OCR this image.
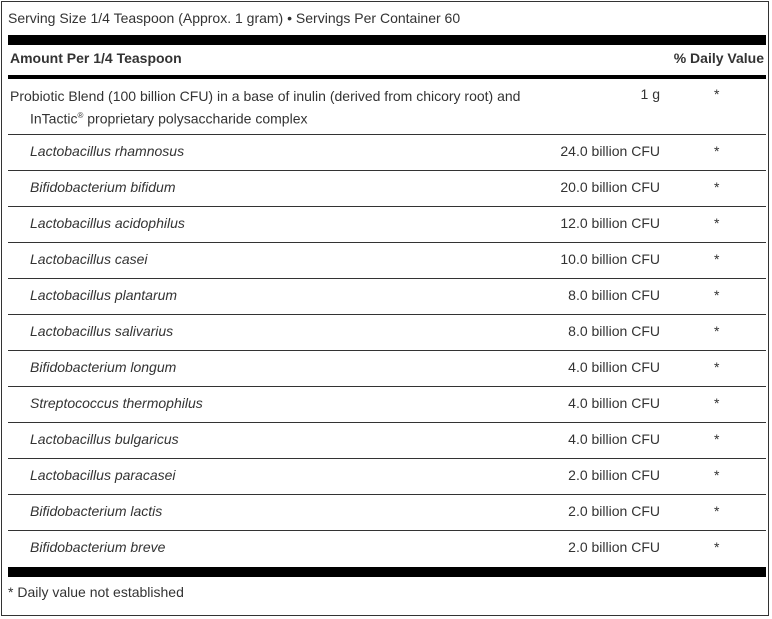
Serving Size 1/4 Teaspoon (Approx. 1 gram) • Servings Per Container 60
Amount Per 1/4 Teaspoon	% Daily Value
Probiotic Blend (100 billion CFU) in a base of inulin (derived from chicory root) and
InTactic® proprietary polysaccharide complex
1 g	*
Lactobacillus rhamnosus	24.0 billion CFU	*
Bifidobacterium bifidum	20.0 billion CFU	*
Lactobacillus acidophilus	12.0 billion CFU	*
Lactobacillus casei	10.0 billion CFU	*
Lactobacillus plantarum	8.0 billion CFU	*
Lactobacillus salivarius	8.0 billion CFU	*
Bifidobacterium longum	4.0 billion CFU	*
Streptococcus thermophilus	4.0 billion CFU	*
Lactobacillus bulgaricus	4.0 billion CFU	*
Lactobacillus paracasei	2.0 billion CFU	*
Bifidobacterium lactis	2.0 billion CFU	*
Bifidobacterium breve	2.0 billion CFU	*
* Daily value not established
